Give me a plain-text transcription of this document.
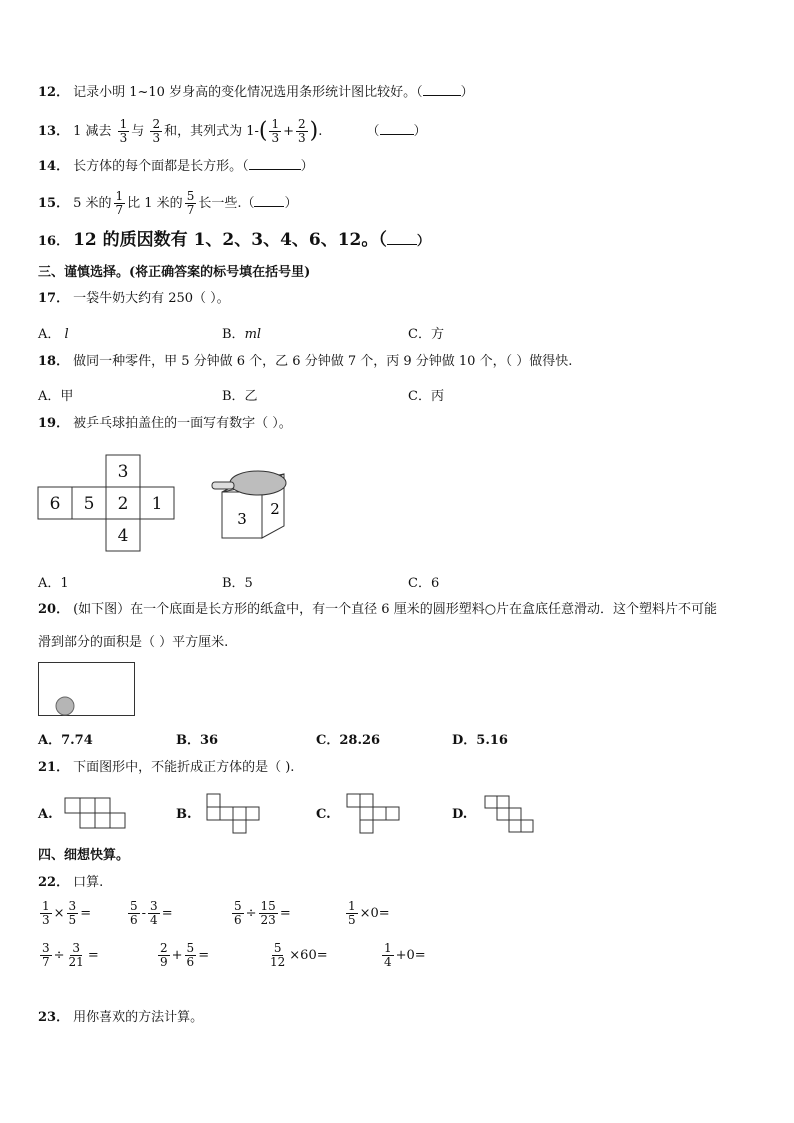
12． 记录小明 1~10 岁身高的变化情况选用条形统计图比较好。（	）
13． 1 减去 $\frac{1}{3}$ 与 $\frac{2}{3}$ 和，其列式为 $1-( \frac{1}{3} + \frac{2}{3}$ ).	（	）
14． 长方体的每个面都是长方形。（	）
15． 5 米的 $\frac{1}{7}$ 比 1 米的 $\frac{5}{7}$ 长一些.（ ）
16． 12 的质因数有 1、2、3、4、6、12。（ ）
三、谨慎选择。(将正确答案的标号填在括号里)
17． 一袋牛奶大约有 250（ ）。
A． l	B．ml	C．方
18． 做同一种零件，甲 5 分钟做 6 个，乙 6 分钟做 7 个，丙 9 分钟做 10 个，（ ）做得快.
A．甲	B．乙	C．丙
19． 被乒乓球拍盖住的一面写有数字（ ）。
6 5 2 1
3
4
3
2
A．1	B．5	C．6
20． (如下图）在一个底面是长方形的纸盒中，有一个直径 6 厘米的圆形塑料○片在盒底任意滑动．这个塑料片不可能
滑到部分的面积是（ ）平方厘米.
A．7.74	B．36	C．28.26	D．5.16
21． 下面图形中，不能折成正方体的是（ ).
A.	B.	C.	D.
四、细想快算。
22． 口算.
$\frac{1}{3} \times \frac{3}{5}$ =	$\frac{5}{6} - \frac{3}{4}$ =	$\frac{5}{6} \div \frac{15}{23}$ =	$\frac{1}{5} \times 0=$
$\frac{3}{7} \div \frac{3}{21}$ =	$\frac{2}{9} + \frac{5}{6}$ =	$\frac{5}{12} \times 60=$	$\frac{1}{4} +0=$
23． 用你喜欢的方法计算。
